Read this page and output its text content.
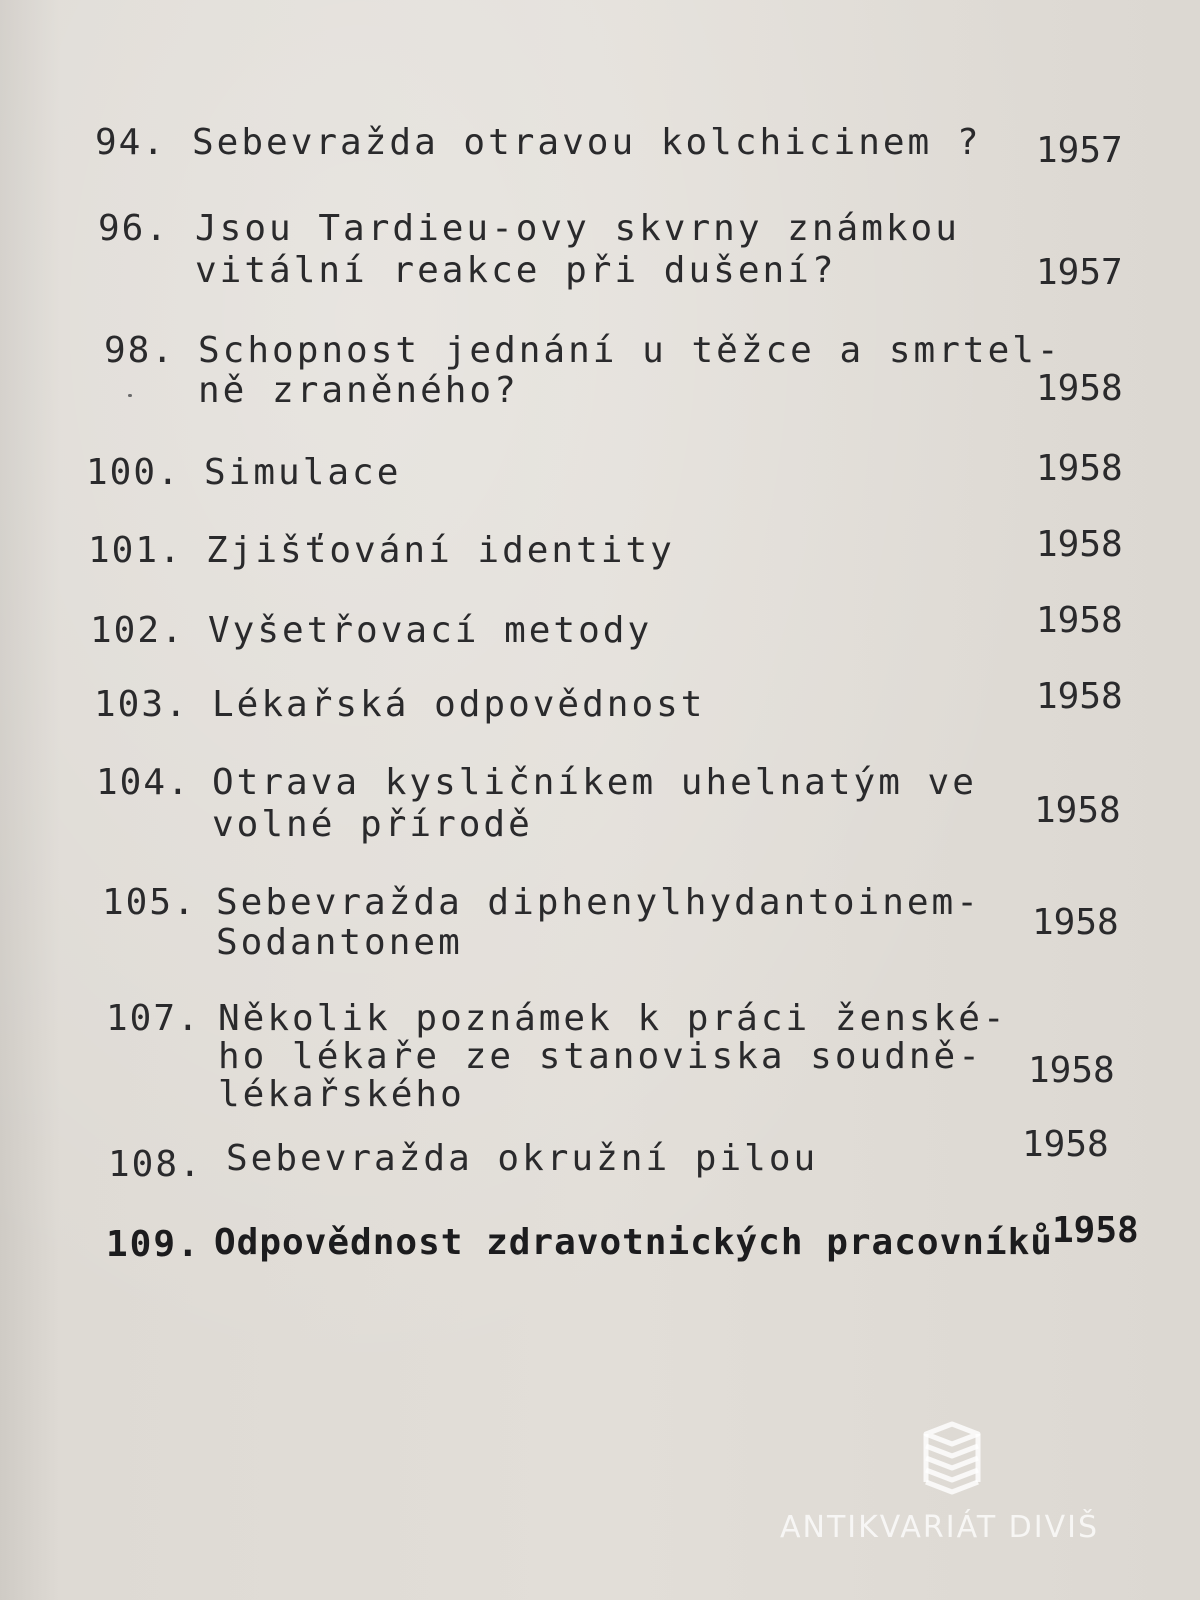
94. Sebevražda otravou kolchicinem ? 1957
96. Jsou Tardieu-ovy skvrny známkou
vitální reakce při dušení?	1957
98. Schopnost jednání u těžce a smrtel-
ně zraněného?	1958
100. Simulace	1958
101. Zjišťování identity	1958
102. Vyšetřovací metody	1958
103. Lékařská odpovědnost	1958
104. Otrava kysličníkem uhelnatým ve
volné přírodě	1958
105. Sebevražda diphenylhydantoinem-
Sodantonem	1958
107. Několik poznámek k práci ženské-
ho lékaře ze stanoviska soudně-
lékařského
1958
108. Sebevražda okružní pilou	1958
109. Odpovědnost zdravotnických pracovníků 1958
ANTIKVARIÁT DIVIŠ
